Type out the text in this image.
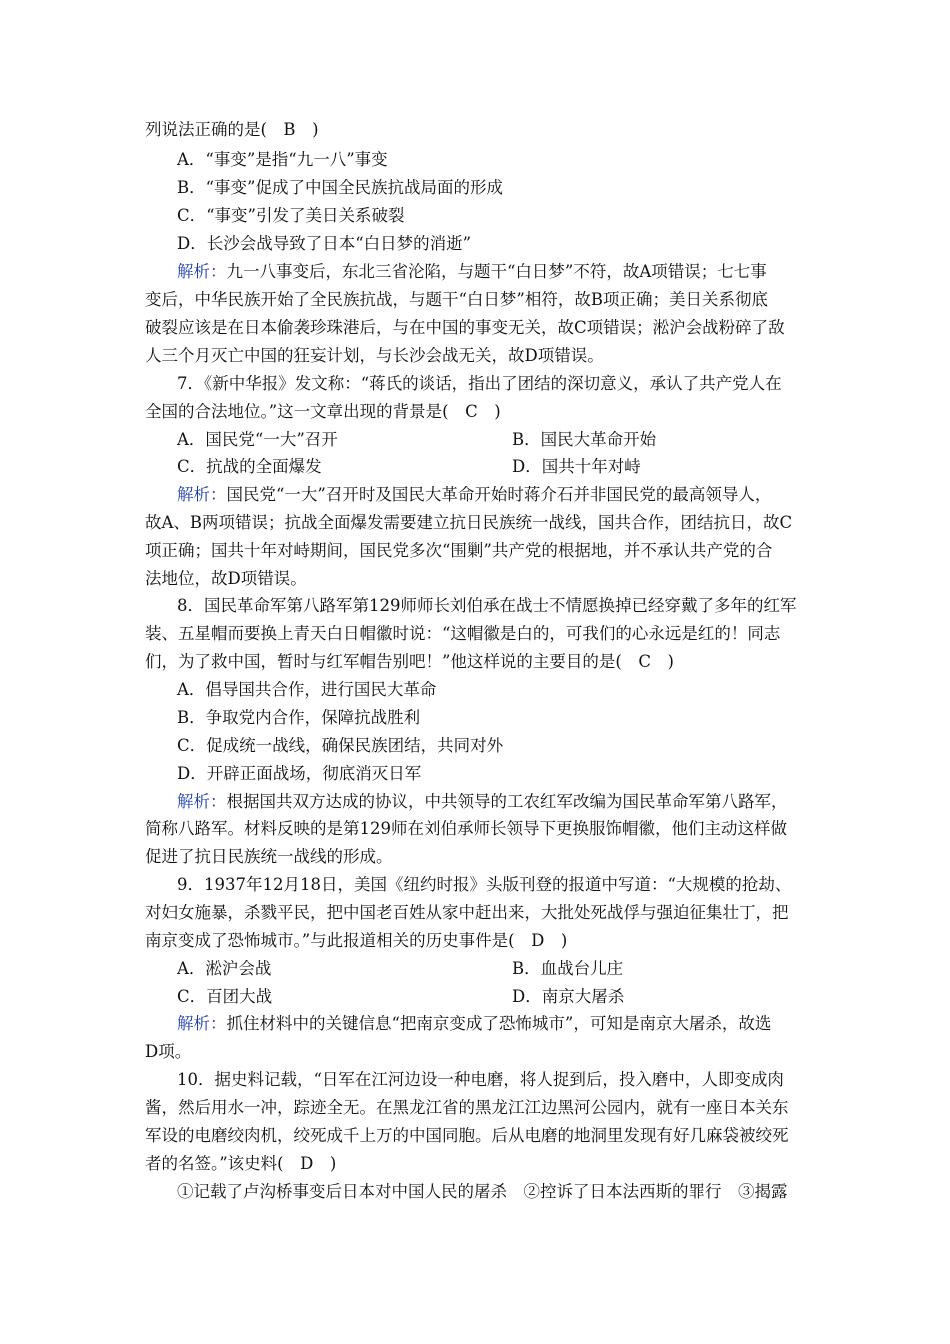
列说法正确的是(　B　)
A．“事变”是指“九一八”事变
B．“事变”促成了中国全民族抗战局面的形成
C．“事变”引发了美日关系破裂
D．长沙会战导致了日本“白日梦的消逝”
解析：九一八事变后，东北三省沦陷，与题干“白日梦”不符，故A项错误；七七事
变后，中华民族开始了全民族抗战，与题干“白日梦”相符，故B项正确；美日关系彻底
破裂应该是在日本偷袭珍珠港后，与在中国的事变无关，故C项错误；淞沪会战粉碎了敌
人三个月灭亡中国的狂妄计划，与长沙会战无关，故D项错误。
7．《新中华报》发文称：“蒋氏的谈话，指出了团结的深切意义，承认了共产党人在
全国的合法地位。”这一文章出现的背景是(　C　)
A．国民党“一大”召开	B．国民大革命开始
C．抗战的全面爆发	D．国共十年对峙
解析：国民党“一大”召开时及国民大革命开始时蒋介石并非国民党的最高领导人，
故A、B两项错误；抗战全面爆发需要建立抗日民族统一战线，国共合作，团结抗日，故C
项正确；国共十年对峙期间，国民党多次“围剿”共产党的根据地，并不承认共产党的合
法地位，故D项错误。
8．国民革命军第八路军第129师师长刘伯承在战士不情愿换掉已经穿戴了多年的红军
装、五星帽而要换上青天白日帽徽时说：“这帽徽是白的，可我们的心永远是红的！同志
们，为了救中国，暂时与红军帽告别吧！”他这样说的主要目的是(　C　)
A．倡导国共合作，进行国民大革命
B．争取党内合作，保障抗战胜利
C．促成统一战线，确保民族团结，共同对外
D．开辟正面战场，彻底消灭日军
解析：根据国共双方达成的协议，中共领导的工农红军改编为国民革命军第八路军，
简称八路军。材料反映的是第129师在刘伯承师长领导下更换服饰帽徽，他们主动这样做
促进了抗日民族统一战线的形成。
9．1937年12月18日，美国《纽约时报》头版刊登的报道中写道：“大规模的抢劫、
对妇女施暴，杀戮平民，把中国老百姓从家中赶出来，大批处死战俘与强迫征集壮丁，把
南京变成了恐怖城市。”与此报道相关的历史事件是(　D　)
A．淞沪会战	B．血战台儿庄
C．百团大战	D．南京大屠杀
解析：抓住材料中的关键信息“把南京变成了恐怖城市”，可知是南京大屠杀，故选
D项。
10．据史料记载，“日军在江河边设一种电磨，将人捉到后，投入磨中，人即变成肉
酱，然后用水一冲，踪迹全无。在黑龙江省的黑龙江江边黑河公园内，就有一座日本关东
军设的电磨绞肉机，绞死成千上万的中国同胞。后从电磨的地洞里发现有好几麻袋被绞死
者的名签。”该史料(　D　)
①记载了卢沟桥事变后日本对中国人民的屠杀　②控诉了日本法西斯的罪行　③揭露
